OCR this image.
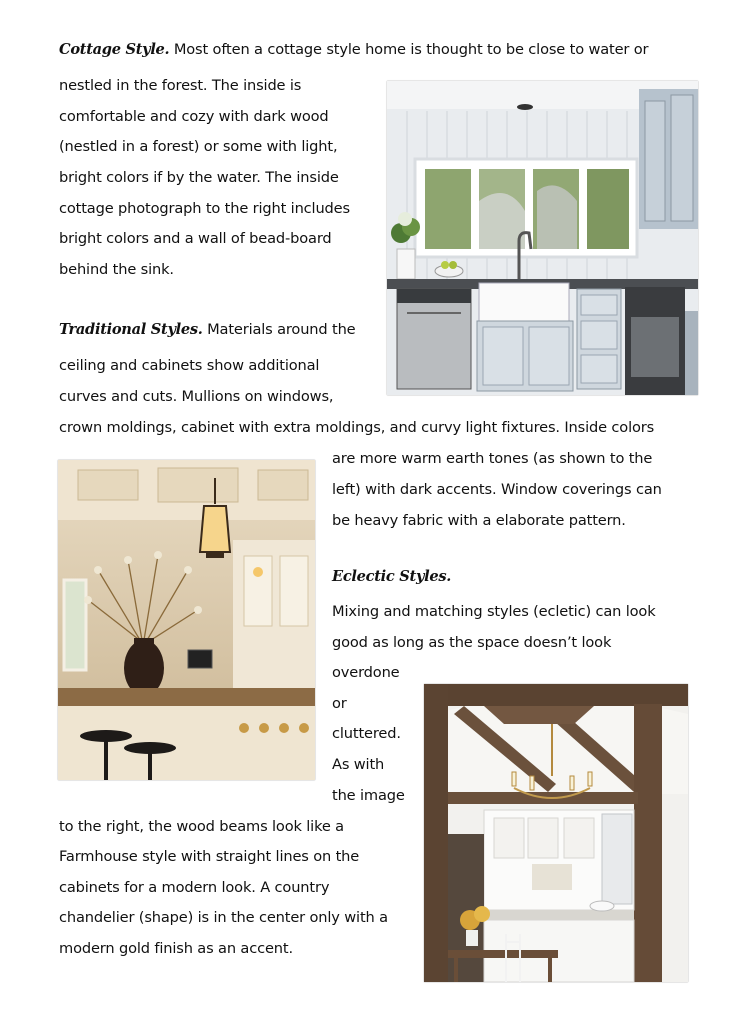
Cottage Style. Most often a cottage style home is thought to be close to water or

nestled in the forest. The inside is

comfortable and cozy with dark wood

(nestled in a forest) or some with light,

bright colors if by the water. The inside

cottage photograph to the right includes

bright colors and a wall of bead-board

behind the sink.

Traditional Styles. Materials around the

ceiling and cabinets show additional

curves and cuts. Mullions on windows,

crown moldings, cabinet with extra moldings, and curvy light fixtures. Inside colors

are more warm earth tones (as shown to the

left) with dark accents. Window coverings can

be heavy fabric with a elaborate pattern.

Eclectic Styles.

Mixing and matching styles (ecletic) can look

good as long as the space doesn’t look

overdone

or

cluttered.

As with

the image

to the right, the wood beams look like a

Farmhouse style with straight lines on the

cabinets for a modern look. A country

chandelier (shape) is in the center only with a

modern gold finish as an accent.
